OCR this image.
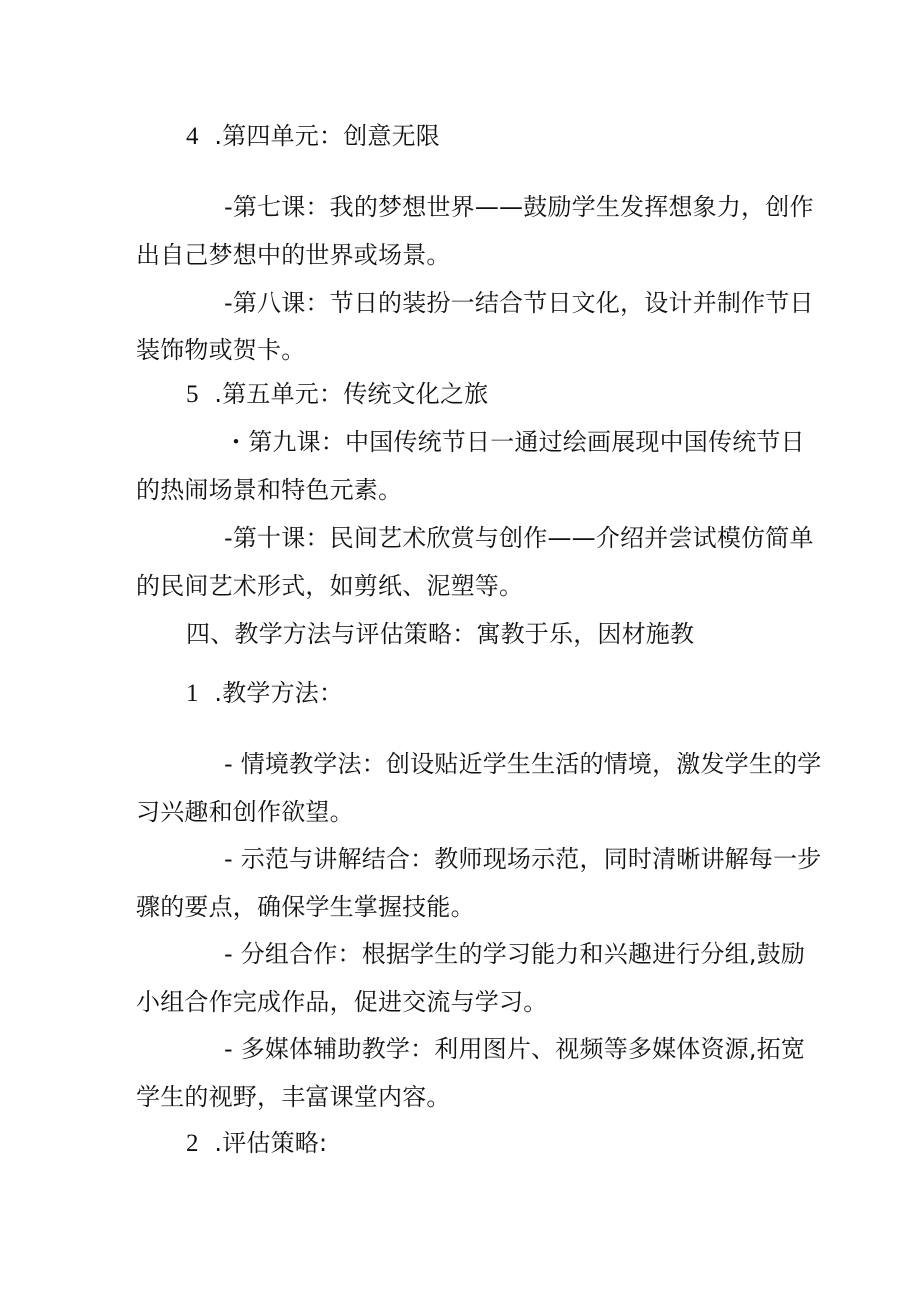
4 .第四单元：创意无限
-第七课：我的梦想世界——鼓励学生发挥想象力，创作
出自己梦想中的世界或场景。
-第八课：节日的装扮一结合节日文化，设计并制作节日
装饰物或贺卡。
5 .第五单元：传统文化之旅
・第九课：中国传统节日一通过绘画展现中国传统节日
的热闹场景和特色元素。
-第十课：民间艺术欣赏与创作——介绍并尝试模仿简单
的民间艺术形式，如剪纸、泥塑等。
四、教学方法与评估策略：寓教于乐，因材施教
1 .教学方法：
- 情境教学法：创设贴近学生生活的情境，激发学生的学
习兴趣和创作欲望。
- 示范与讲解结合：教师现场示范，同时清晰讲解每一步
骤的要点，确保学生掌握技能。
- 分组合作：根据学生的学习能力和兴趣进行分组,鼓励
小组合作完成作品，促进交流与学习。
- 多媒体辅助教学：利用图片、视频等多媒体资源,拓宽
学生的视野，丰富课堂内容。
2 .评估策略:
